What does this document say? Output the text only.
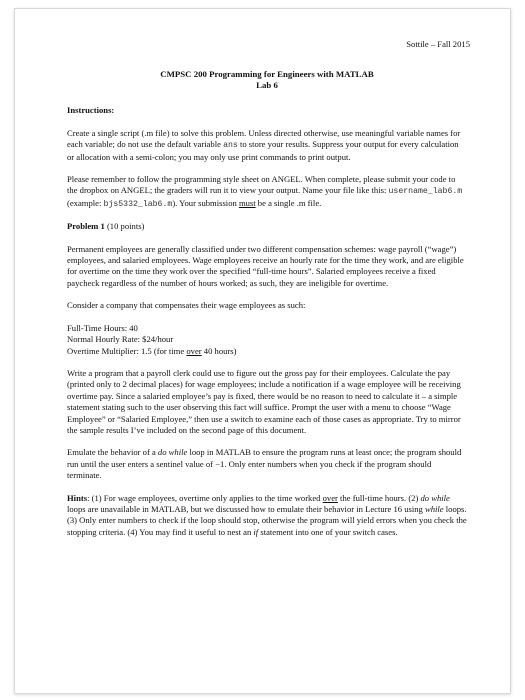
Sottile – Fall 2015
CMPSC 200 Programming for Engineers with MATLAB
Lab 6
Instructions:

Create a single script (.m file) to solve this problem. Unless directed otherwise, use meaningful variable names for each variable; do not use the default variable ans to store your results. Suppress your output for every calculation or allocation with a semi-colon; you may only use print commands to print output.

Please remember to follow the programming style sheet on ANGEL. When complete, please submit your code to the dropbox on ANGEL; the graders will run it to view your output. Name your file like this: username_lab6.m (example: bjs5332_lab6.m). Your submission must be a single .m file.

Problem 1 (10 points)

Permanent employees are generally classified under two different compensation schemes: wage payroll (“wage”) employees, and salaried employees. Wage employees receive an hourly rate for the time they work, and are eligible for overtime on the time they work over the specified “full-time hours”. Salaried employees receive a fixed paycheck regardless of the number of hours worked; as such, they are ineligible for overtime.

Consider a company that compensates their wage employees as such:

Full-Time Hours: 40
Normal Hourly Rate: $24/hour
Overtime Multiplier: 1.5 (for time over 40 hours)

Write a program that a payroll clerk could use to figure out the gross pay for their employees. Calculate the pay (printed only to 2 decimal places) for wage employees; include a notification if a wage employee will be receiving overtime pay. Since a salaried employee’s pay is fixed, there would be no reason to need to calculate it – a simple statement stating such to the user observing this fact will suffice. Prompt the user with a menu to choose “Wage Employee” or “Salaried Employee,” then use a switch to examine each of those cases as appropriate. Try to mirror the sample results I’ve included on the second page of this document.

Emulate the behavior of a do while loop in MATLAB to ensure the program runs at least once; the program should run until the user enters a sentinel value of −1. Only enter numbers when you check if the program should terminate.

Hints: (1) For wage employees, overtime only applies to the time worked over the full-time hours. (2) do while loops are unavailable in MATLAB, but we discussed how to emulate their behavior in Lecture 16 using while loops. (3) Only enter numbers to check if the loop should stop, otherwise the program will yield errors when you check the stopping criteria. (4) You may find it useful to nest an if statement into one of your switch cases.
